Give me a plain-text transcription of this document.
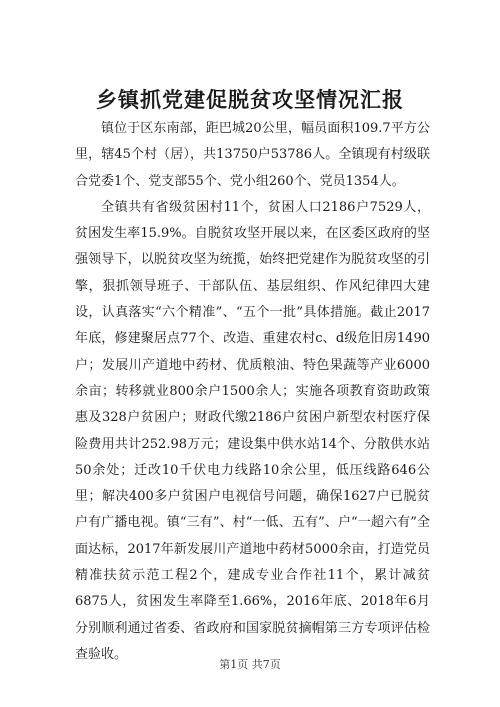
乡镇抓党建促脱贫攻坚情况汇报

镇位于区东南部，距巴城20公里，幅员面积109.7平方公里，辖45个村（居），共13750户53786人。全镇现有村级联合党委1个、党支部55个、党小组260个、党员1354人。

全镇共有省级贫困村11个，贫困人口2186户7529人，贫困发生率15.9%。自脱贫攻坚开展以来，在区委区政府的坚强领导下，以脱贫攻坚为统揽，始终把党建作为脱贫攻坚的引擎，狠抓领导班子、干部队伍、基层组织、作风纪律四大建设，认真落实“六个精准”、“五个一批”具体措施。截止2017年底，修建聚居点77个、改造、重建农村c、d级危旧房1490户；发展川产道地中药材、优质粮油、特色果蔬等产业6000余亩；转移就业800余户1500余人；实施各项教育资助政策惠及328户贫困户；财政代缴2186户贫困户新型农村医疗保险费用共计252.98万元；建设集中供水站14个、分散供水站50余处；迁改10千伏电力线路10余公里，低压线路646公里；解决400多户贫困户电视信号问题，确保1627户已脱贫户有广播电视。镇“三有”、村“一低、五有”、户“一超六有”全面达标，2017年新发展川产道地中药材5000余亩，打造党员精准扶贫示范工程2个，建成专业合作社11个，累计减贫6875人，贫困发生率降至1.66%，2016年底、2018年6月分别顺利通过省委、省政府和国家脱贫摘帽第三方专项评估检查验收。

第1页 共7页
